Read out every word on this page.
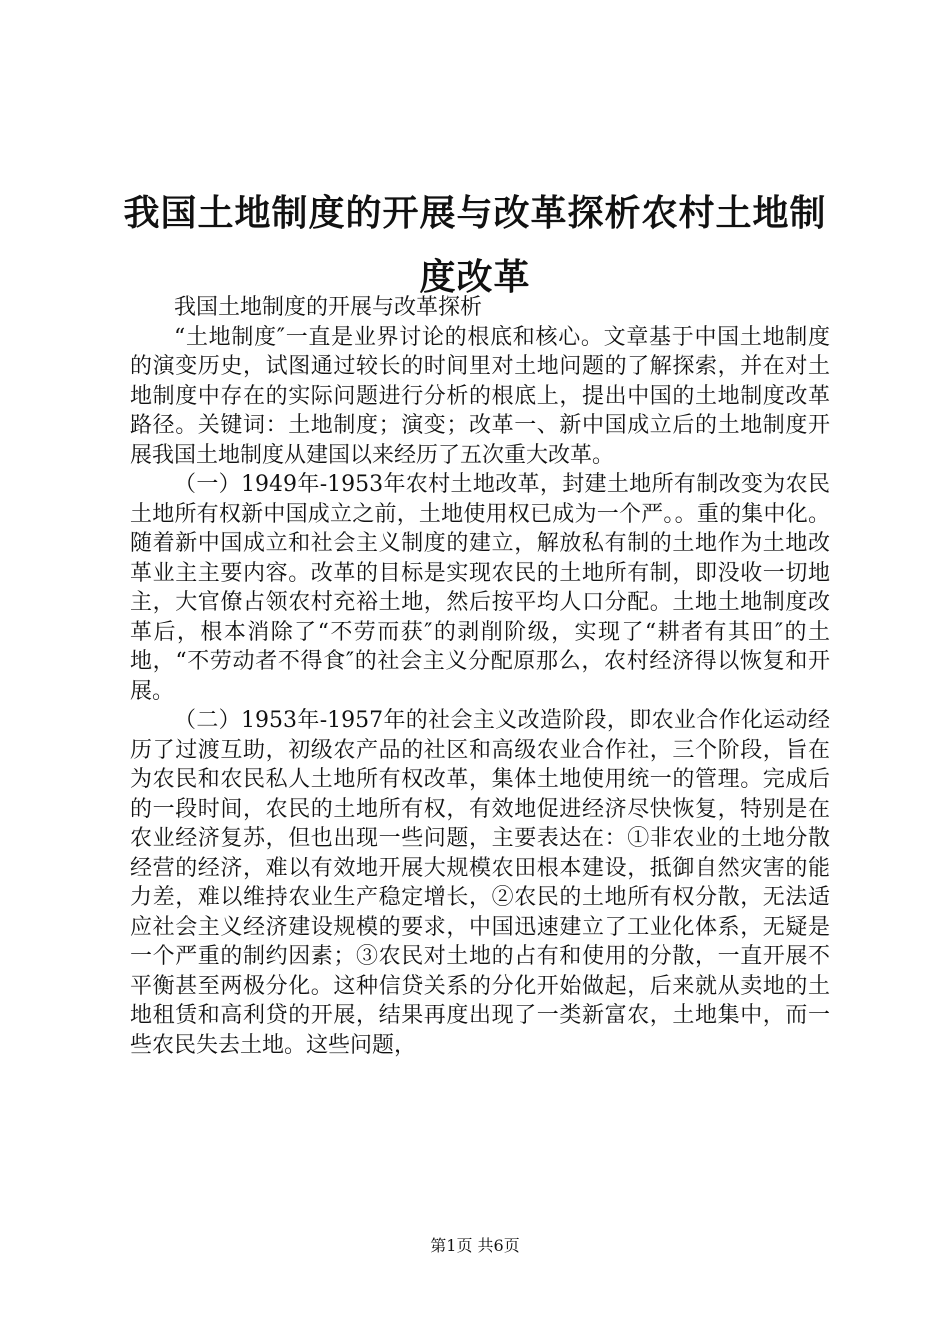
我国土地制度的开展与改革探析农村土地制度改革

我国土地制度的开展与改革探析

“土地制度″一直是业界讨论的根底和核心。文章基于中国土地制度的演变历史，试图通过较长的时间里对土地问题的了解探索，并在对土地制度中存在的实际问题进行分析的根底上，提出中国的土地制度改革路径。关键词：土地制度；演变；改革一、新中国成立后的土地制度开展我国土地制度从建国以来经历了五次重大改革。

（一）1949年-1953年农村土地改革，封建土地所有制改变为农民土地所有权新中国成立之前，土地使用权已成为一个严。。重的集中化。随着新中国成立和社会主义制度的建立，解放私有制的土地作为土地改革业主主要内容。改革的目标是实现农民的土地所有制，即没收一切地主，大官僚占领农村充裕土地，然后按平均人口分配。土地土地制度改革后，根本消除了“不劳而获″的剥削阶级，实现了“耕者有其田″的土地，“不劳动者不得食″的社会主义分配原那么，农村经济得以恢复和开展。

（二）1953年-1957年的社会主义改造阶段，即农业合作化运动经历了过渡互助，初级农产品的社区和高级农业合作社，三个阶段，旨在为农民和农民私人土地所有权改革，集体土地使用统一的管理。完成后的一段时间，农民的土地所有权，有效地促进经济尽快恢复，特别是在农业经济复苏，但也出现一些问题，主要表达在：①非农业的土地分散经营的经济，难以有效地开展大规模农田根本建设，抵御自然灾害的能力差，难以维持农业生产稳定增长，②农民的土地所有权分散，无法适应社会主义经济建设规模的要求，中国迅速建立了工业化体系，无疑是一个严重的制约因素；③农民对土地的占有和使用的分散，一直开展不平衡甚至两极分化。这种信贷关系的分化开始做起，后来就从卖地的土地租赁和高利贷的开展，结果再度出现了一类新富农，土地集中，而一些农民失去土地。这些问题，

第1页 共6页
